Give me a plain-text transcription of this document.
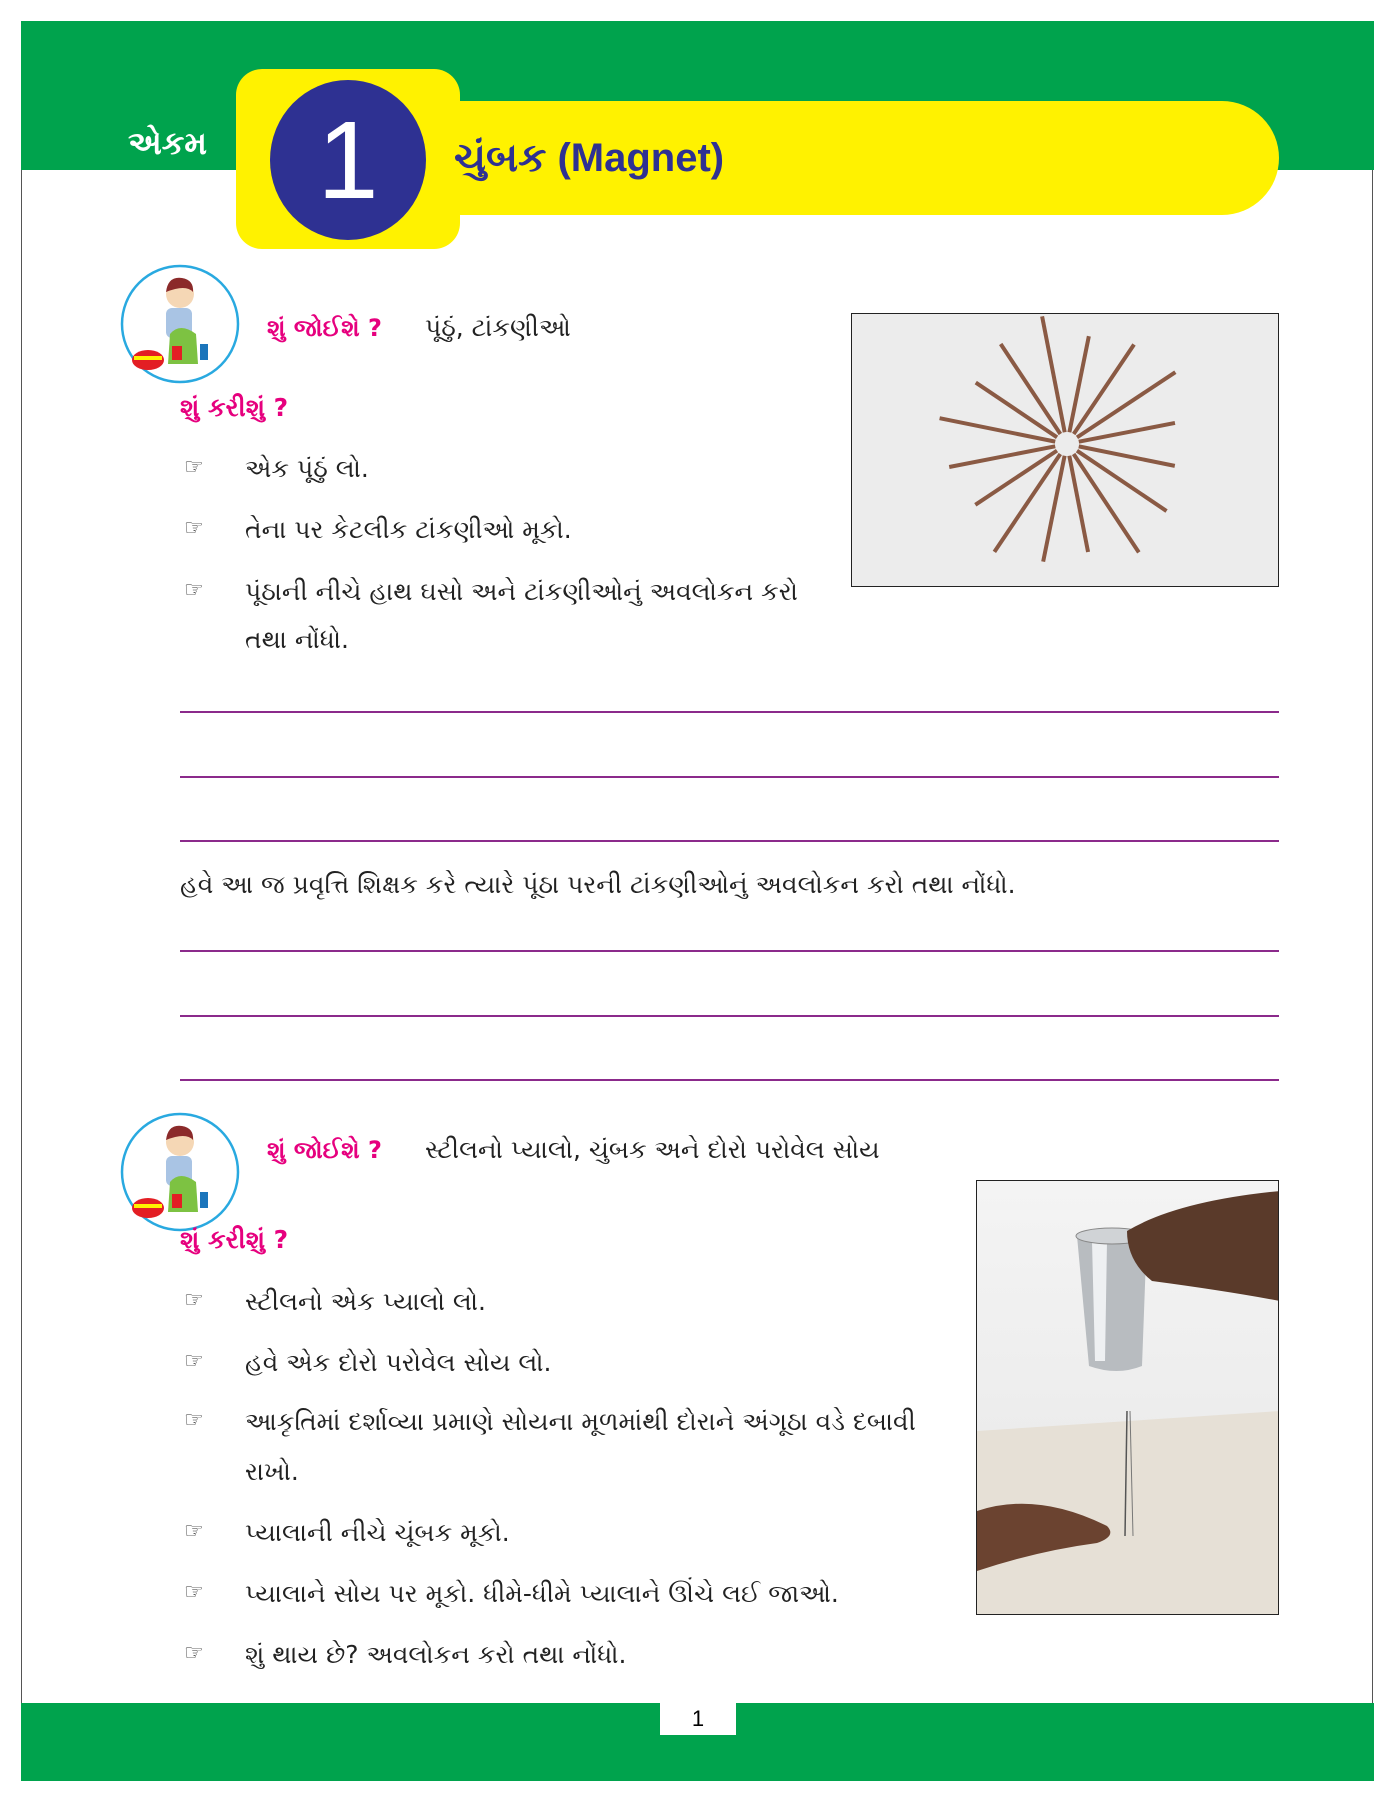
એકમ	1	ચુંબક (Magnet)
શું જોઈશે ? પૂંઠું, ટાંકણીઓ
શું કરીશું ?
☞ એક પૂંઠું લો.
☞ તેના પર કેટલીક ટાંકણીઓ મૂકો.
☞ પૂંઠાની નીચે હાથ ઘસો અને ટાંકણીઓનું અવલોકન કરો
તથા નોંધો.
હવે આ જ પ્રવૃત્તિ શિક્ષક કરે ત્યારે પૂંઠા પરની ટાંકણીઓનું અવલોકન કરો તથા નોંધો.
શું જોઈશે ? સ્ટીલનો પ્યાલો, ચુંબક અને દોરો પરોવેલ સોય
શું કરીશું ?
☞ સ્ટીલનો એક પ્યાલો લો.
☞ હવે એક દોરો પરોવેલ સોય લો.
☞ આકૃતિમાં દર્શાવ્યા પ્રમાણે સોયના મૂળમાંથી દોરાને અંગૂઠા વડે દબાવી
રાખો.
☞ પ્યાલાની નીચે ચૂંબક મૂકો.
☞ પ્યાલાને સોય પર મૂકો. ધીમે-ધીમે પ્યાલાને ઊંચે લઈ જાઓ.
☞ શું થાય છે? અવલોકન કરો તથા નોંધો.
1
